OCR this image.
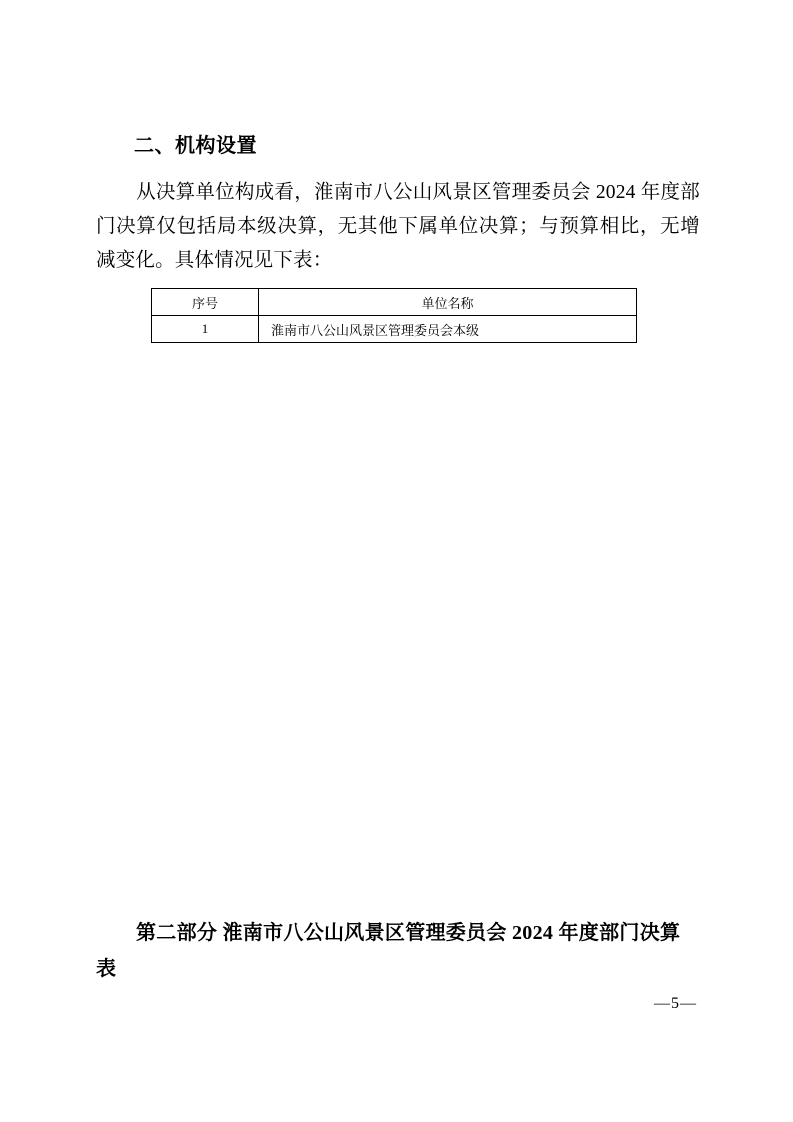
二、机构设置

从决算单位构成看，淮南市八公山风景区管理委员会 2024 年度部门决算仅包括局本级决算，无其他下属单位决算；与预算相比，无增减变化。具体情况见下表：

序号	单位名称
1	淮南市八公山风景区管理委员会本级
第二部分 淮南市八公山风景区管理委员会 2024 年度部门决算表
—5—
